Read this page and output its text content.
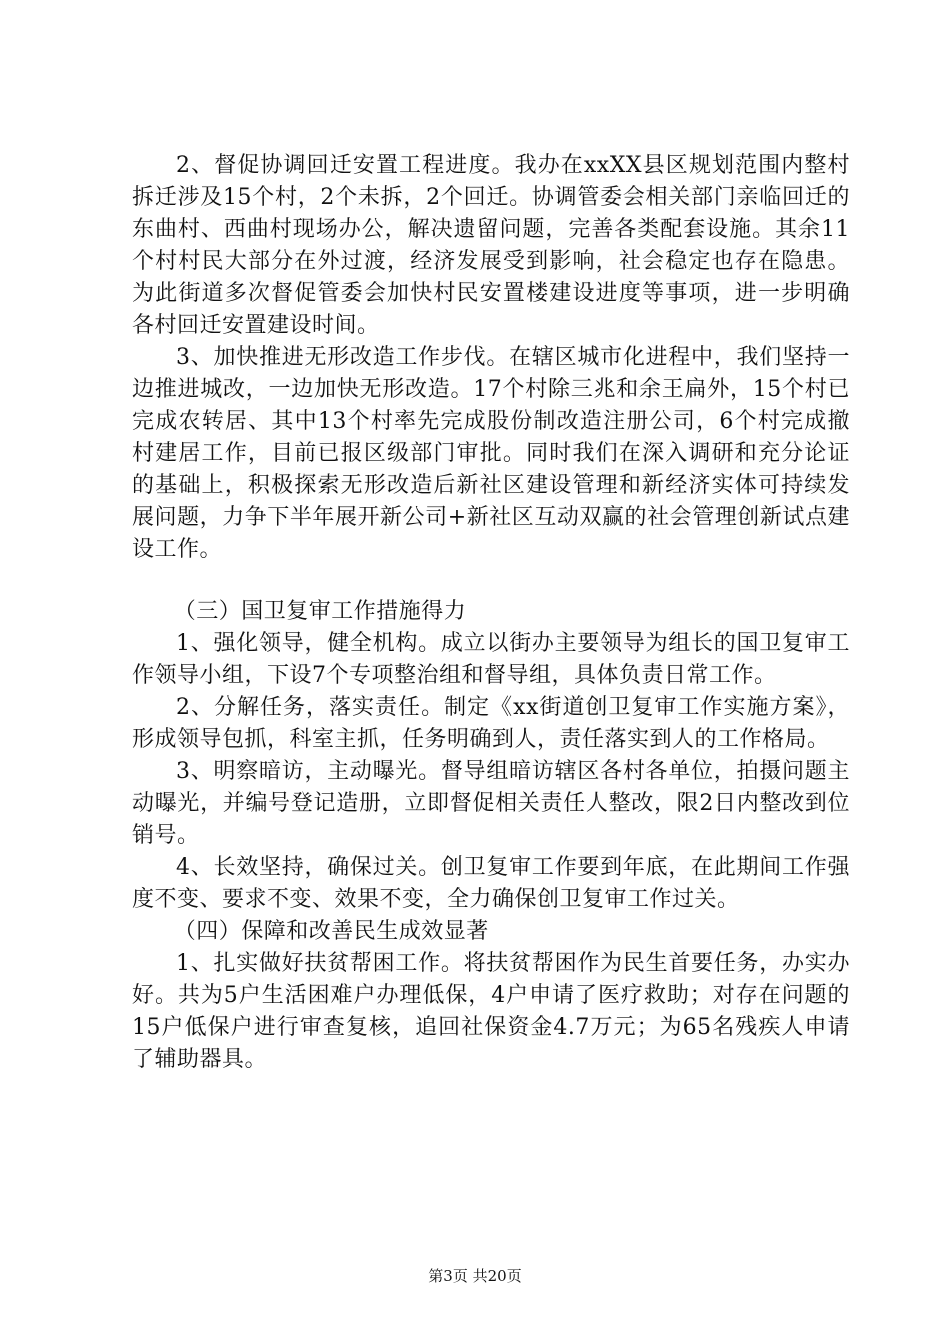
2、督促协调回迁安置工程进度。我办在xxXX县区规划范围内整村拆迁涉及15个村，2个未拆，2个回迁。协调管委会相关部门亲临回迁的东曲村、西曲村现场办公，解决遗留问题，完善各类配套设施。其余11个村村民大部分在外过渡，经济发展受到影响，社会稳定也存在隐患。为此街道多次督促管委会加快村民安置楼建设进度等事项，进一步明确各村回迁安置建设时间。

3、加快推进无形改造工作步伐。在辖区城市化进程中，我们坚持一边推进城改，一边加快无形改造。17个村除三兆和余王扁外，15个村已完成农转居、其中13个村率先完成股份制改造注册公司，6个村完成撤村建居工作，目前已报区级部门审批。同时我们在深入调研和充分论证的基础上，积极探索无形改造后新社区建设管理和新经济实体可持续发展问题，力争下半年展开新公司+新社区互动双赢的社会管理创新试点建设工作。

（三）国卫复审工作措施得力

1、强化领导，健全机构。成立以街办主要领导为组长的国卫复审工作领导小组，下设7个专项整治组和督导组，具体负责日常工作。

2、分解任务，落实责任。制定《xx街道创卫复审工作实施方案》，形成领导包抓，科室主抓，任务明确到人，责任落实到人的工作格局。

3、明察暗访，主动曝光。督导组暗访辖区各村各单位，拍摄问题主动曝光，并编号登记造册，立即督促相关责任人整改，限2日内整改到位销号。

4、长效坚持，确保过关。创卫复审工作要到年底，在此期间工作强度不变、要求不变、效果不变，全力确保创卫复审工作过关。

（四）保障和改善民生成效显著

1、扎实做好扶贫帮困工作。将扶贫帮困作为民生首要任务，办实办好。共为5户生活困难户办理低保，4户申请了医疗救助；对存在问题的15户低保户进行审查复核，追回社保资金4.7万元；为65名残疾人申请了辅助器具。

第3页 共20页
